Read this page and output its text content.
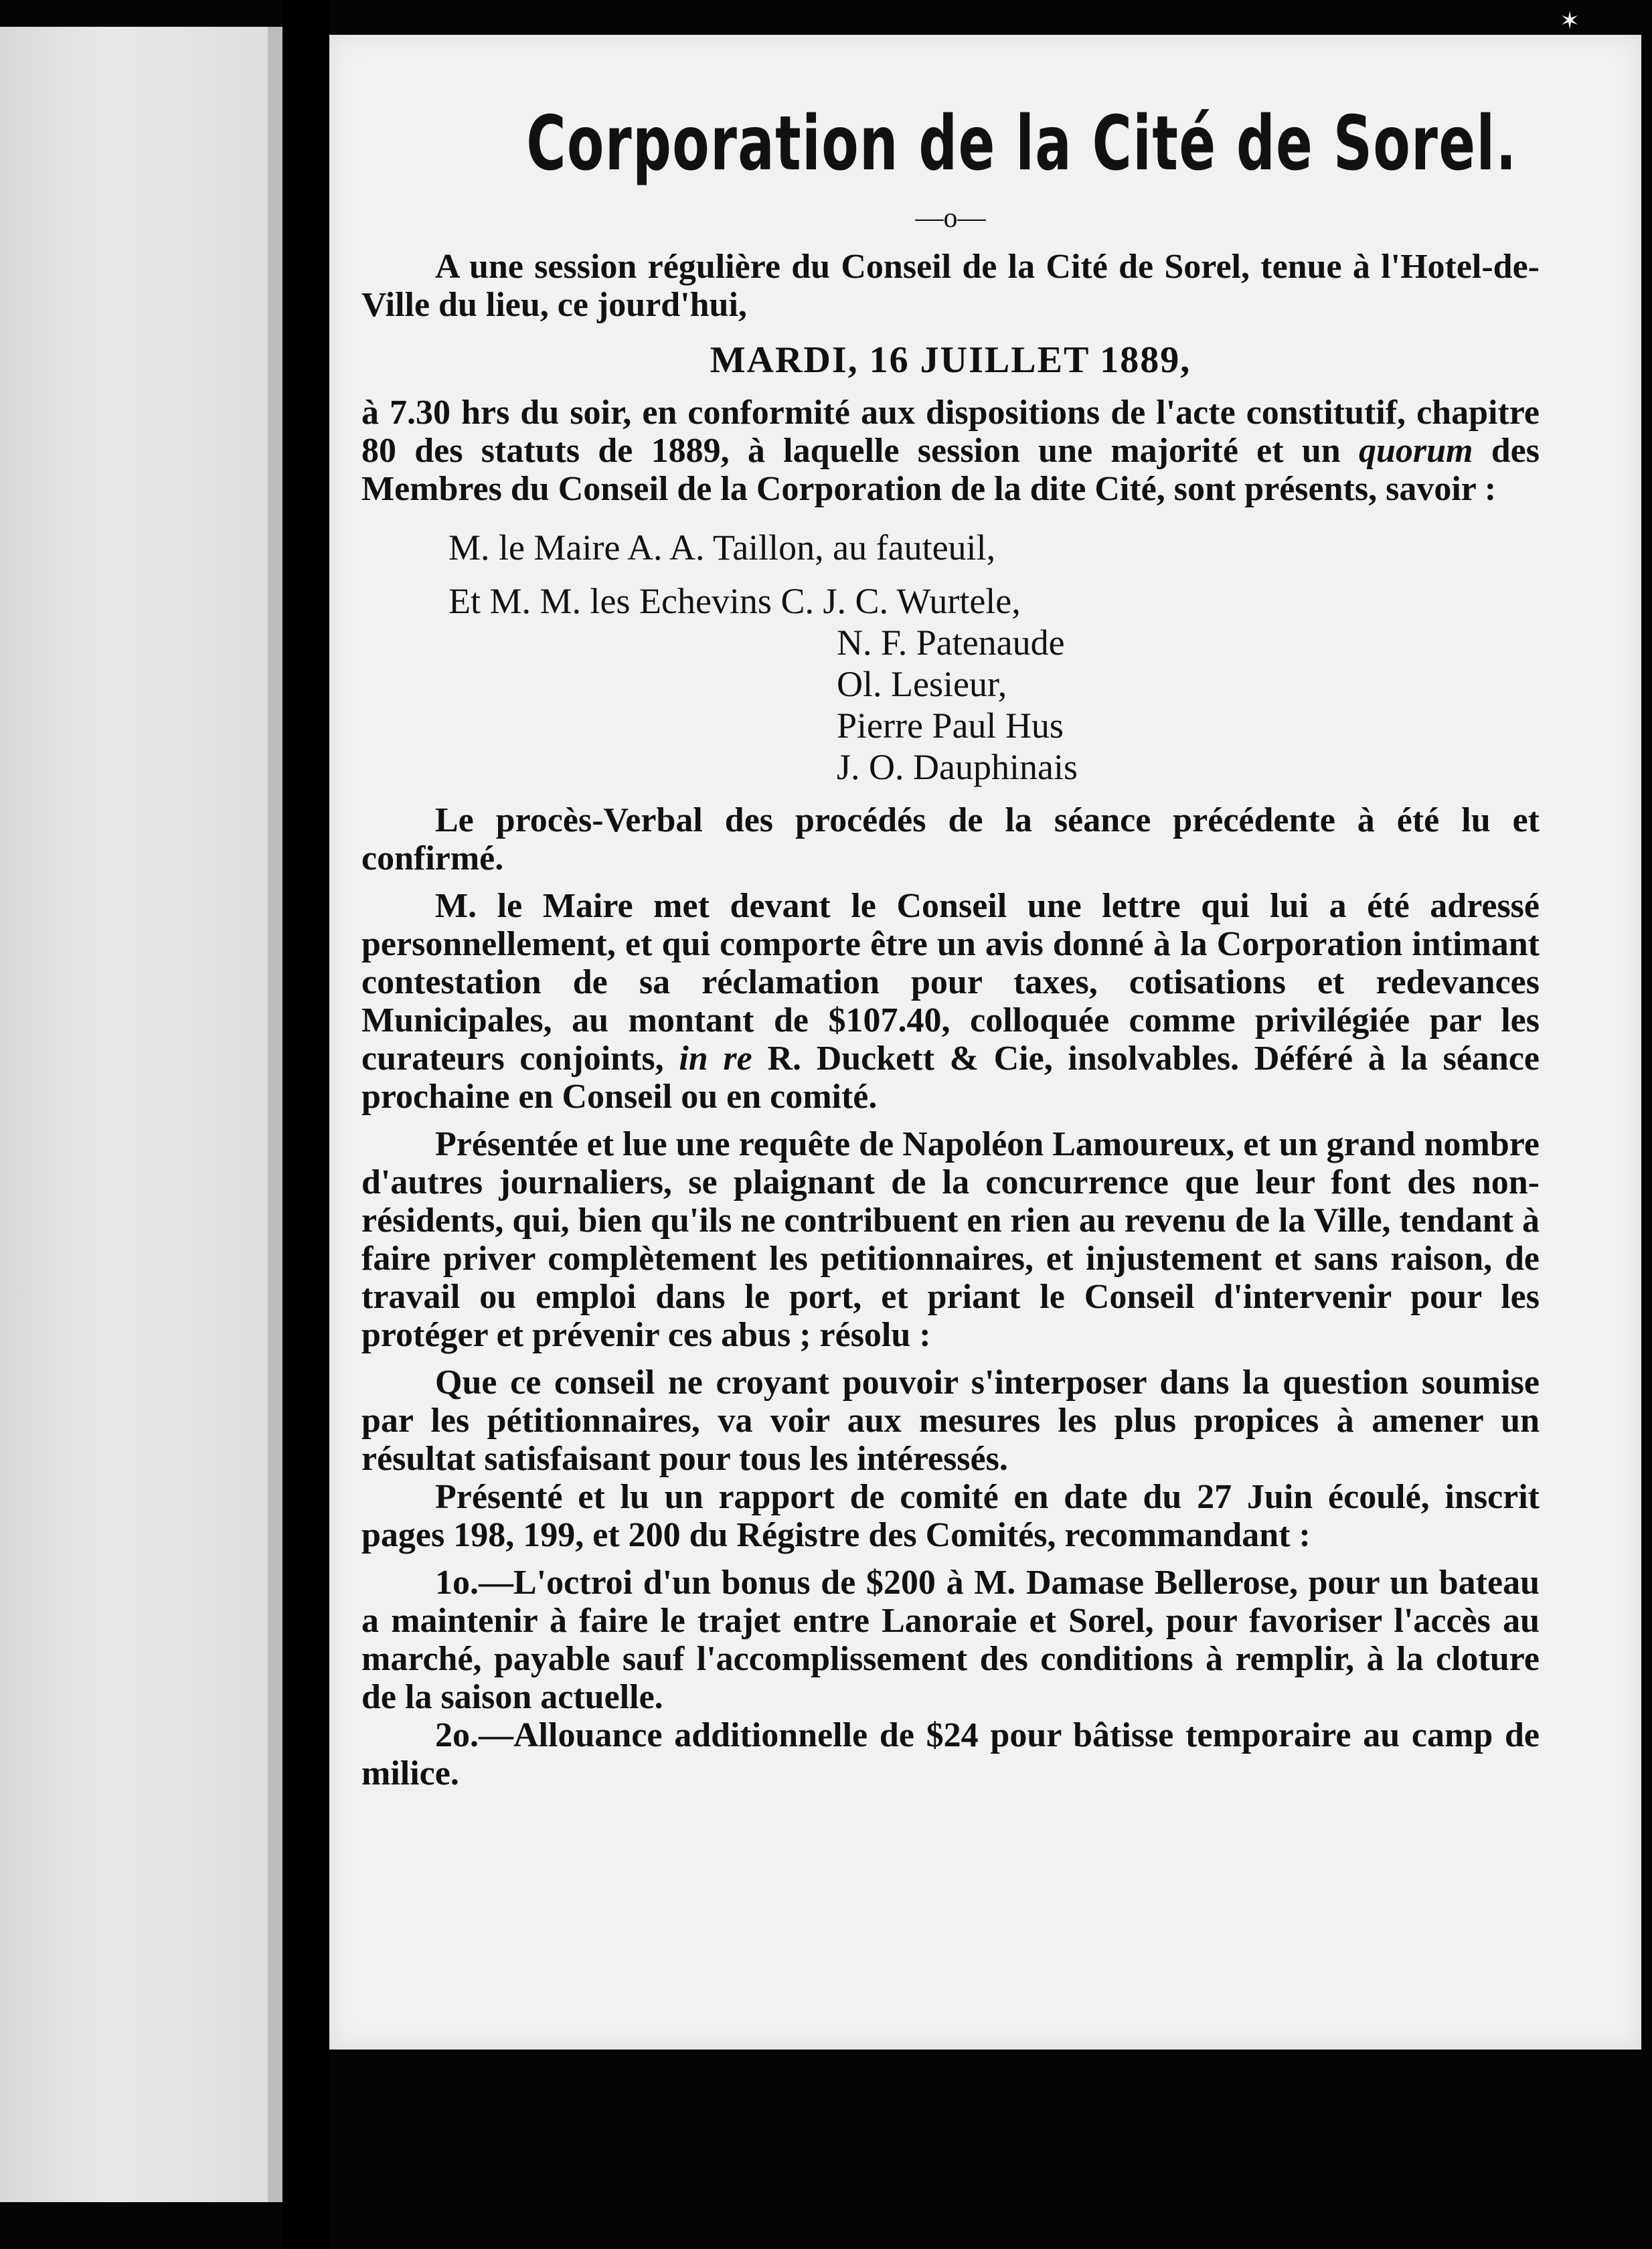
✶
Corporation de la Cité de Sorel.
—o—

A une session régulière du Conseil de la Cité de Sorel, tenue à l'Hotel-de-Ville du lieu, ce jourd'hui,

MARDI, 16 JUILLET 1889,

à 7.30 hrs du soir, en conformité aux dispositions de l'acte constitutif, chapitre 80 des statuts de 1889, à laquelle session une majorité et un quorum des Membres du Conseil de la Corporation de la dite Cité, sont présents, savoir :

M. le Maire A. A. Taillon, au fauteuil,
Et M. M. les Echevins C. J. C. Wurtele,
N. F. Patenaude
Ol. Lesieur,
Pierre Paul Hus
J. O. Dauphinais

Le procès-Verbal des procédés de la séance précédente à été lu et confirmé.

M. le Maire met devant le Conseil une lettre qui lui a été adressé personnellement, et qui comporte être un avis donné à la Corporation intimant contestation de sa réclamation pour taxes, cotisations et redevances Municipales, au montant de $107.40, colloquée comme privilégiée par les curateurs conjoints, in re R. Duckett & Cie, insolvables. Déféré à la séance prochaine en Conseil ou en comité.

Présentée et lue une requête de Napoléon Lamoureux, et un grand nombre d'autres journaliers, se plaignant de la concurrence que leur font des non-résidents, qui, bien qu'ils ne contribuent en rien au revenu de la Ville, tendant à faire priver complètement les petitionnaires, et injustement et sans raison, de travail ou emploi dans le port, et priant le Conseil d'intervenir pour les protéger et prévenir ces abus ; résolu :

Que ce conseil ne croyant pouvoir s'interposer dans la question soumise par les pétitionnaires, va voir aux mesures les plus propices à amener un résultat satisfaisant pour tous les intéressés.

Présenté et lu un rapport de comité en date du 27 Juin écoulé, inscrit pages 198, 199, et 200 du Régistre des Comités, recommandant :

1o.—L'octroi d'un bonus de $200 à M. Damase Bellerose, pour un bateau a maintenir à faire le trajet entre Lanoraie et Sorel, pour favoriser l'accès au marché, payable sauf l'accomplissement des conditions à remplir, à la cloture de la saison actuelle.

2o.—Allouance additionnelle de $24 pour bâtisse temporaire au camp de milice.
